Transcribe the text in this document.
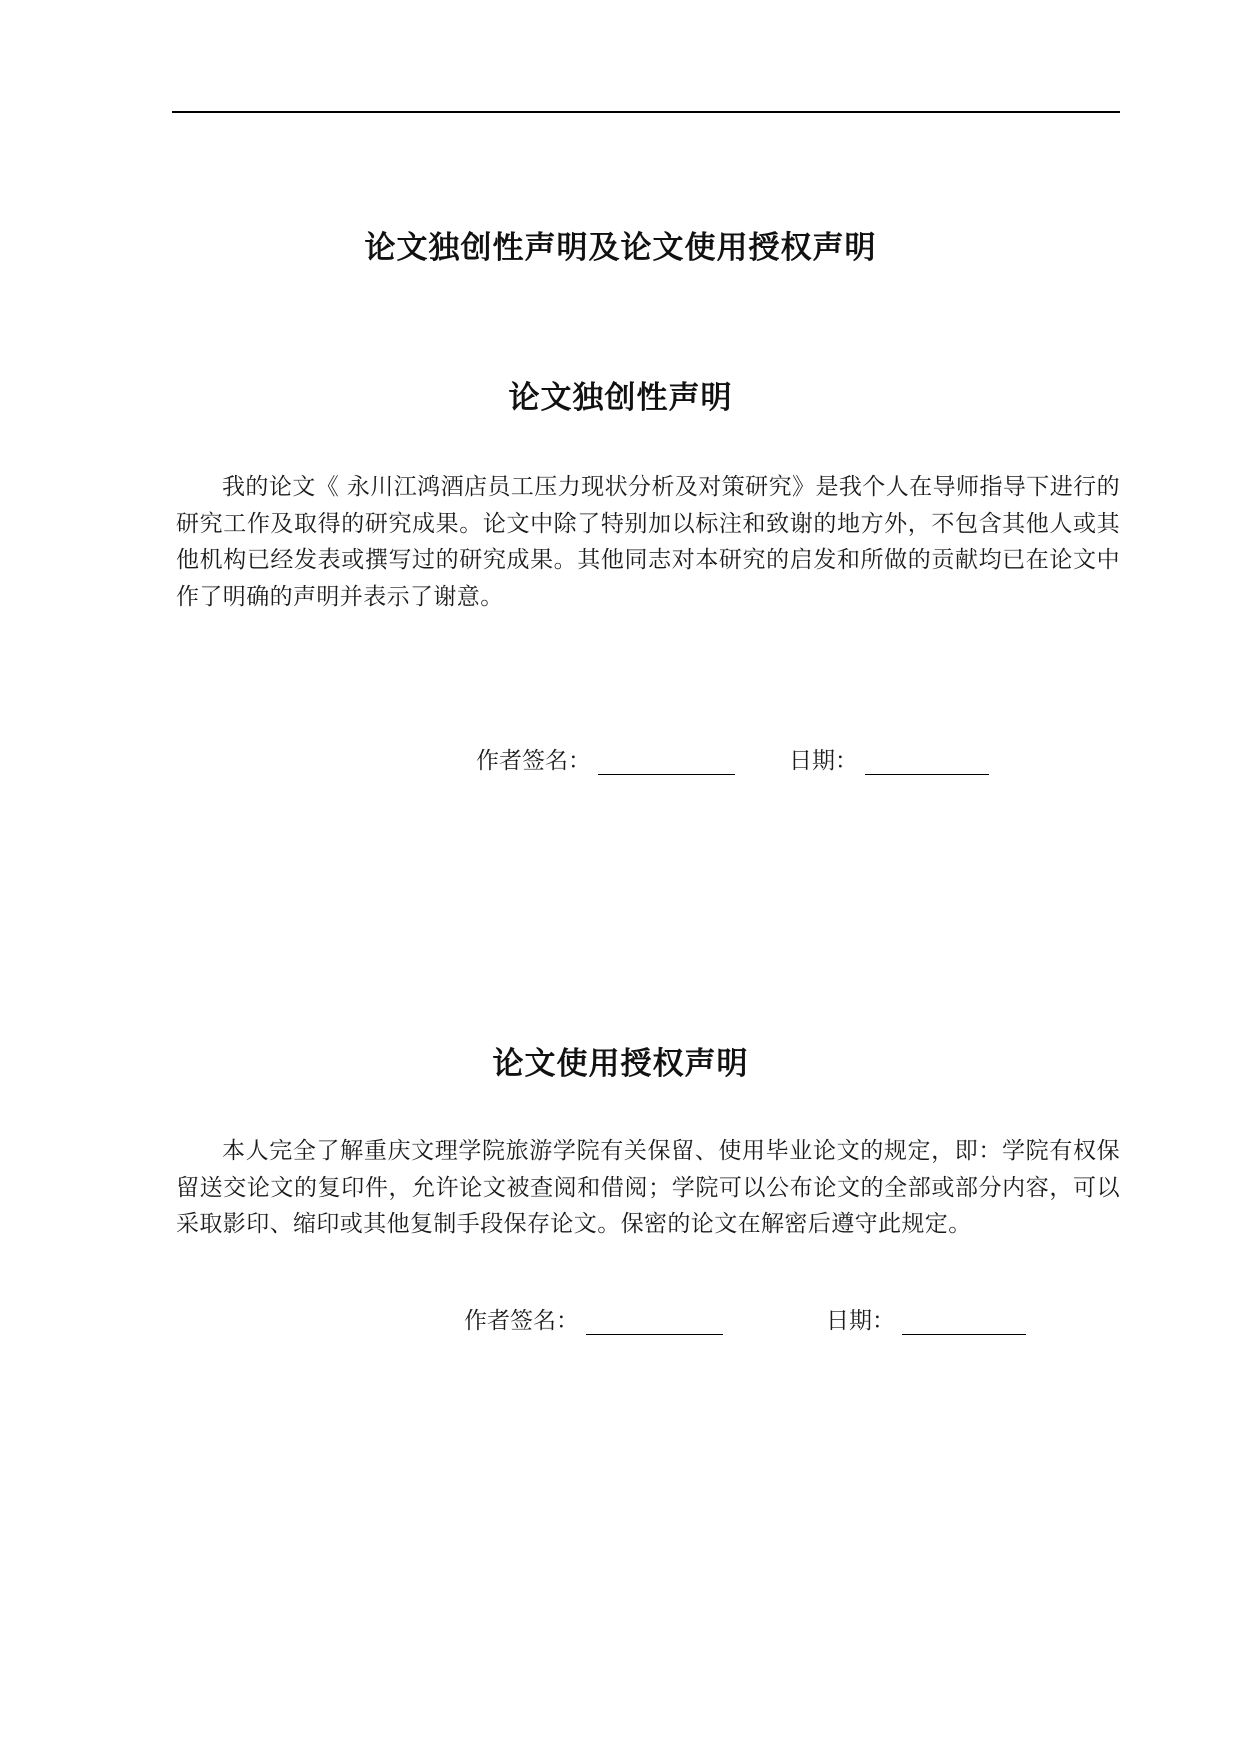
论文独创性声明及论文使用授权声明
论文独创性声明

我的论文《 永川江鸿酒店员工压力现状分析及对策研究》是我个人在导师指导下进行的研究工作及取得的研究成果。论文中除了特别加以标注和致谢的地方外，不包含其他人或其他机构已经发表或撰写过的研究成果。其他同志对本研究的启发和所做的贡献均已在论文中作了明确的声明并表示了谢意。

作者签名：	日期：
论文使用授权声明

本人完全了解重庆文理学院旅游学院有关保留、使用毕业论文的规定，即：学院有权保留送交论文的复印件，允许论文被查阅和借阅；学院可以公布论文的全部或部分内容，可以采取影印、缩印或其他复制手段保存论文。保密的论文在解密后遵守此规定。

作者签名：	日期：
